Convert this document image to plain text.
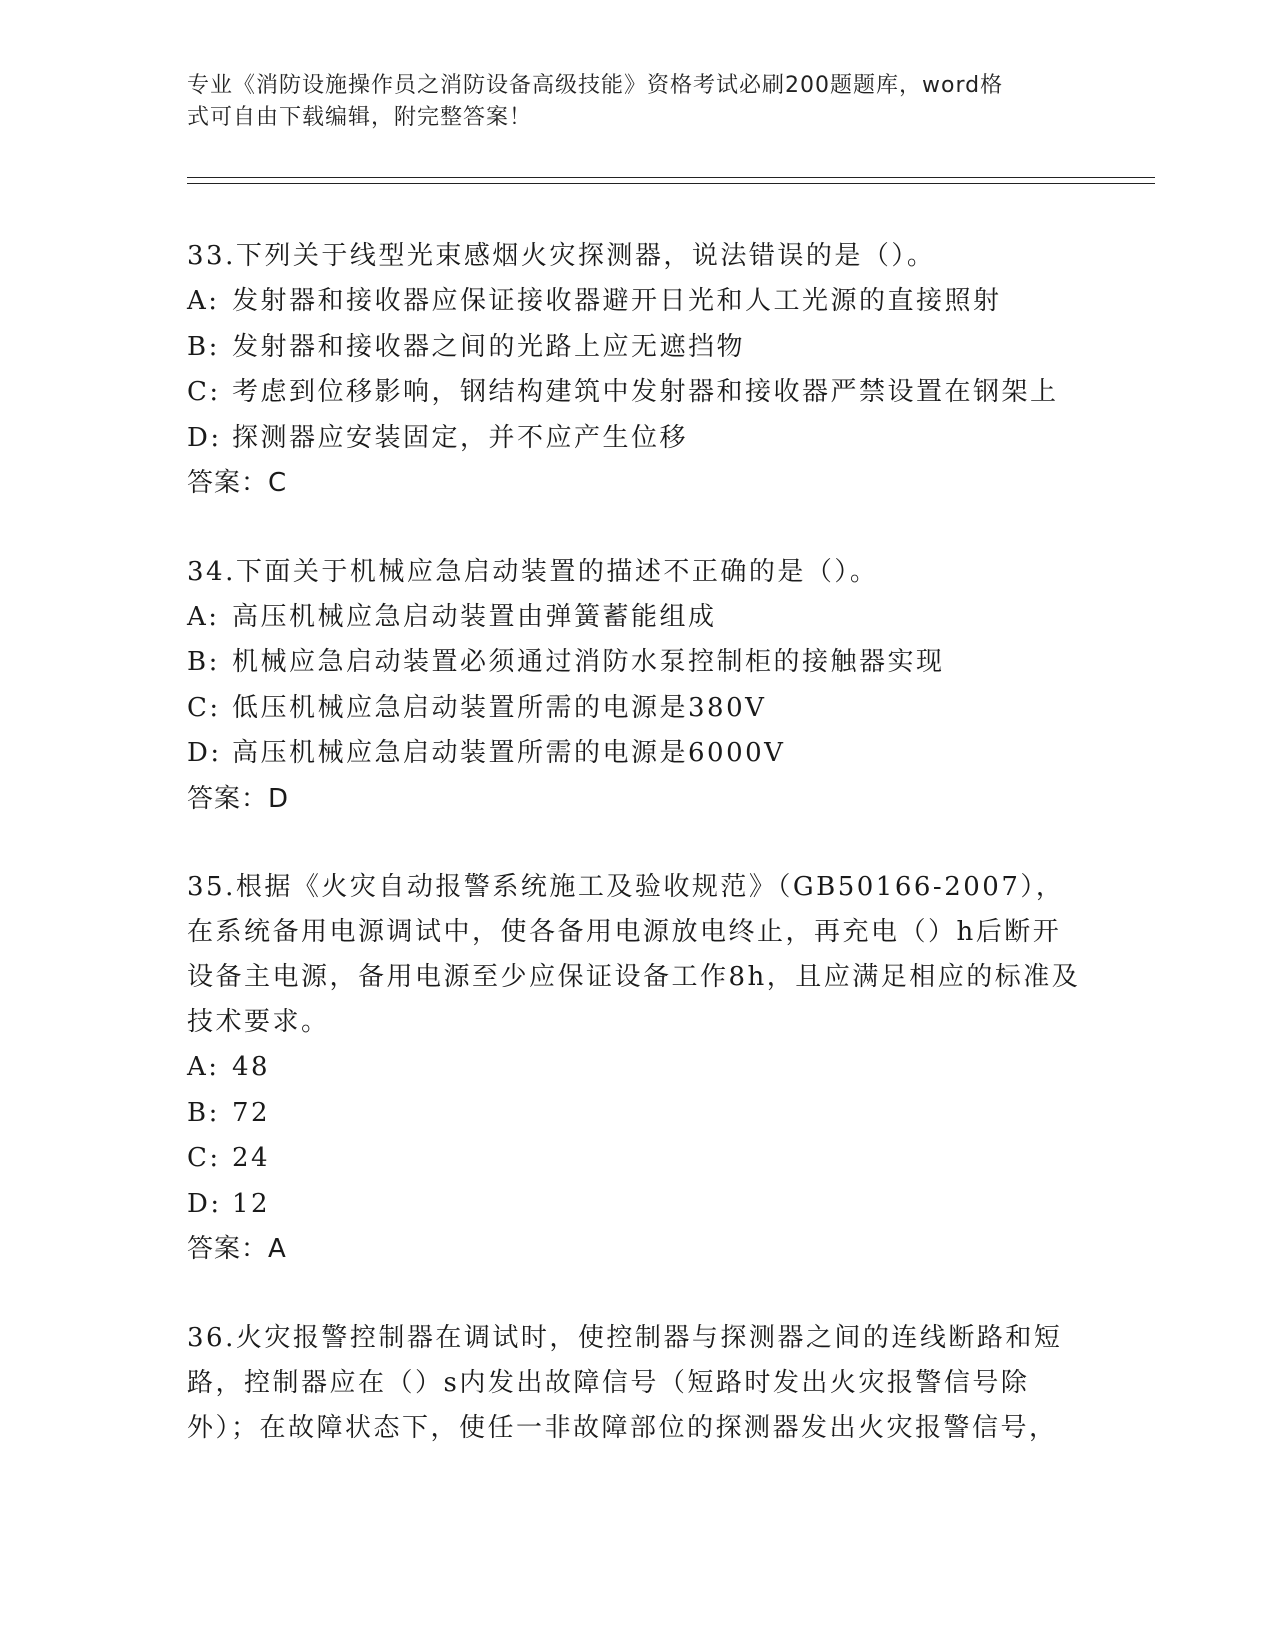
专业《消防设施操作员之消防设备高级技能》资格考试必刷200题题库，word格
式可自由下载编辑，附完整答案！

33.下列关于线型光束感烟火灾探测器，说法错误的是（）。

A: 发射器和接收器应保证接收器避开日光和人工光源的直接照射

B: 发射器和接收器之间的光路上应无遮挡物

C: 考虑到位移影响，钢结构建筑中发射器和接收器严禁设置在钢架上

D: 探测器应安装固定，并不应产生位移

答案：C

34.下面关于机械应急启动装置的描述不正确的是（）。

A: 高压机械应急启动装置由弹簧蓄能组成

B: 机械应急启动装置必须通过消防水泵控制柜的接触器实现

C: 低压机械应急启动装置所需的电源是380V

D: 高压机械应急启动装置所需的电源是6000V

答案：D

35.根据《火灾自动报警系统施工及验收规范》（GB50166-2007），在系统备用电源调试中，使各备用电源放电终止，再充电（）h后断开设备主电源，备用电源至少应保证设备工作8h，且应满足相应的标准及技术要求。

A: 48

B: 72

C: 24

D: 12

答案：A

36.火灾报警控制器在调试时，使控制器与探测器之间的连线断路和短路，控制器应在（）s内发出故障信号（短路时发出火灾报警信号除外）；在故障状态下，使任一非故障部位的探测器发出火灾报警信号，
